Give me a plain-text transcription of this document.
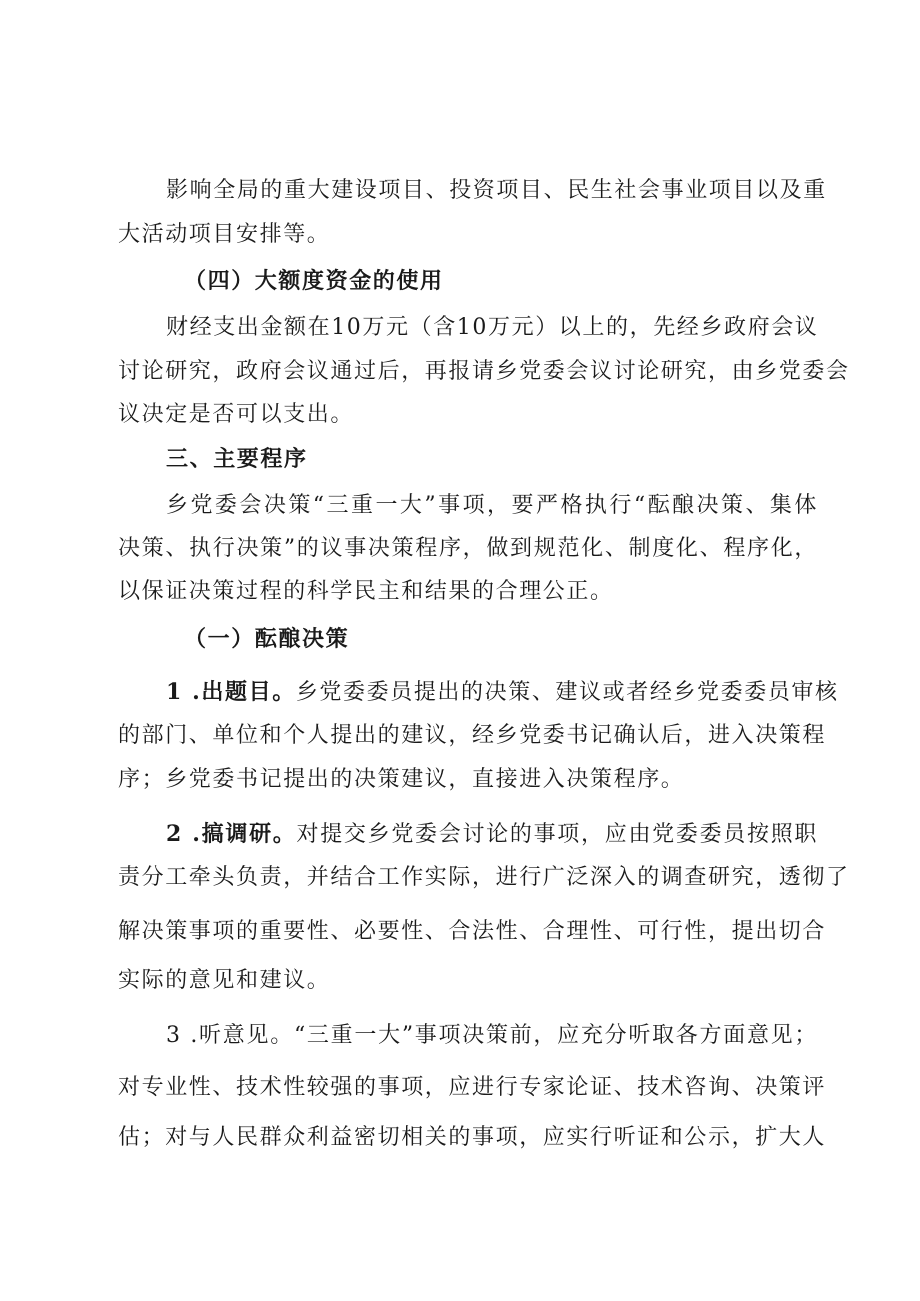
影响全局的重大建设项目、投资项目、民生社会事业项目以及重
大活动项目安排等。
（四）大额度资金的使用
财经支出金额在10万元（含10万元）以上的，先经乡政府会议
讨论研究，政府会议通过后，再报请乡党委会议讨论研究，由乡党委会
议决定是否可以支出。
三、主要程序
乡党委会决策“三重一大”事项，要严格执行“酝酿决策、集体
决策、执行决策”的议事决策程序，做到规范化、制度化、程序化，
以保证决策过程的科学民主和结果的合理公正。
（一）酝酿决策
1 .出题目。乡党委委员提出的决策、建议或者经乡党委委员审核
的部门、单位和个人提出的建议，经乡党委书记确认后，进入决策程
序；乡党委书记提出的决策建议，直接进入决策程序。
2 .搞调研。对提交乡党委会讨论的事项，应由党委委员按照职
责分工牵头负责，并结合工作实际，进行广泛深入的调查研究，透彻了
解决策事项的重要性、必要性、合法性、合理性、可行性，提出切合
实际的意见和建议。
3 .听意见。“三重一大”事项决策前，应充分听取各方面意见；
对专业性、技术性较强的事项，应进行专家论证、技术咨询、决策评
估；对与人民群众利益密切相关的事项，应实行听证和公示，扩大人
